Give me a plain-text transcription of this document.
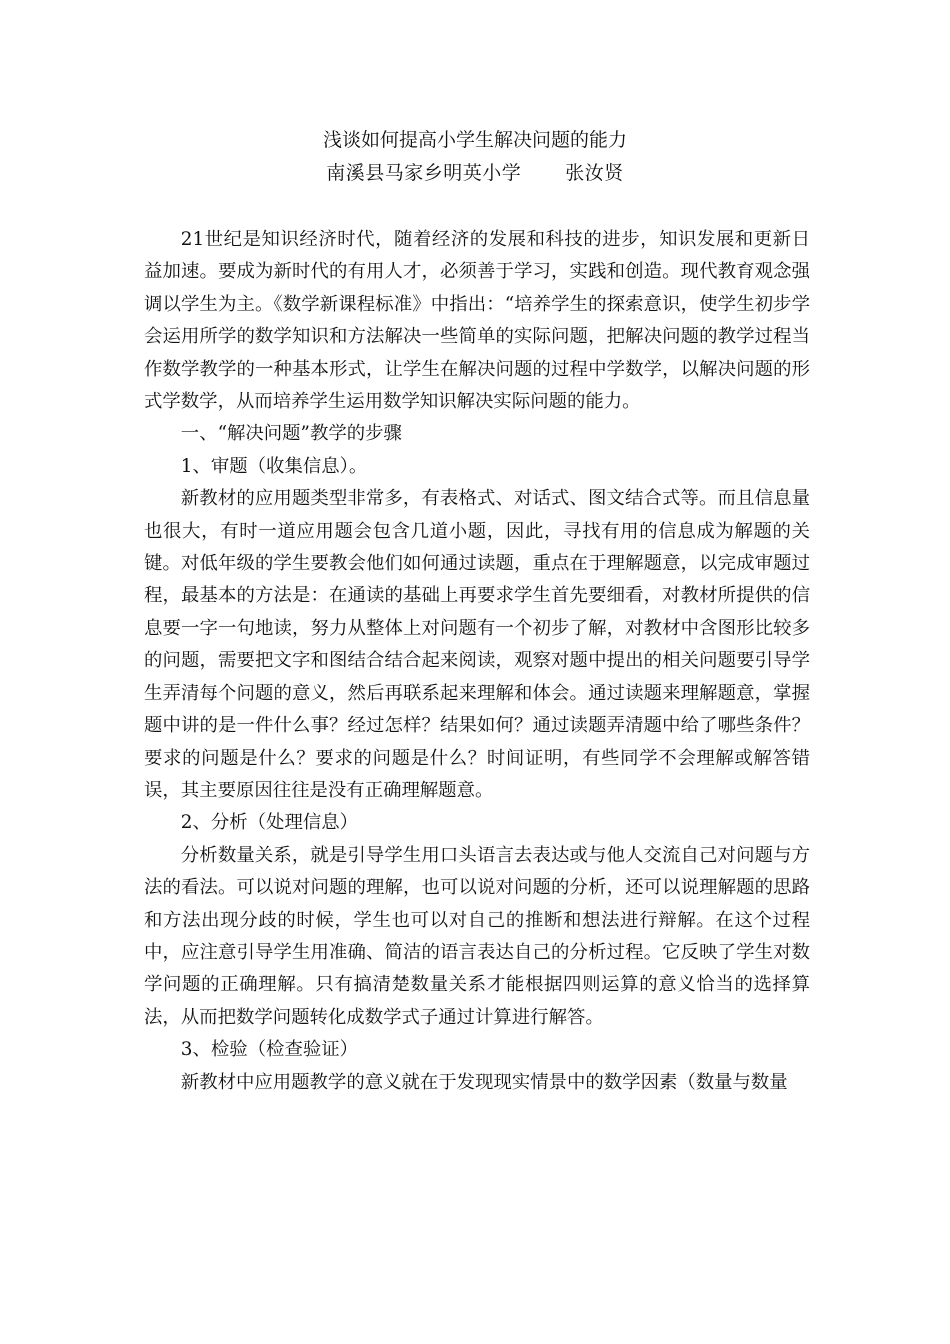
浅谈如何提高小学生解决问题的能力
南溪县马家乡明英小学 张汝贤

21世纪是知识经济时代，随着经济的发展和科技的进步，知识发展和更新日益加速。要成为新时代的有用人才，必须善于学习，实践和创造。现代教育观念强调以学生为主。《数学新课程标准》中指出：“培养学生的探索意识，使学生初步学会运用所学的数学知识和方法解决一些简单的实际问题，把解决问题的教学过程当作数学教学的一种基本形式，让学生在解决问题的过程中学数学，以解决问题的形式学数学，从而培养学生运用数学知识解决实际问题的能力。

一、“解决问题”教学的步骤

1、审题（收集信息）。

新教材的应用题类型非常多，有表格式、对话式、图文结合式等。而且信息量也很大，有时一道应用题会包含几道小题，因此，寻找有用的信息成为解题的关键。对低年级的学生要教会他们如何通过读题，重点在于理解题意，以完成审题过程，最基本的方法是：在通读的基础上再要求学生首先要细看，对教材所提供的信息要一字一句地读，努力从整体上对问题有一个初步了解，对教材中含图形比较多的问题，需要把文字和图结合结合起来阅读，观察对题中提出的相关问题要引导学生弄清每个问题的意义，然后再联系起来理解和体会。通过读题来理解题意，掌握题中讲的是一件什么事？经过怎样？结果如何？通过读题弄清题中给了哪些条件？要求的问题是什么？要求的问题是什么？时间证明，有些同学不会理解或解答错误，其主要原因往往是没有正确理解题意。

2、分析（处理信息）

分析数量关系，就是引导学生用口头语言去表达或与他人交流自己对问题与方法的看法。可以说对问题的理解，也可以说对问题的分析，还可以说理解题的思路和方法出现分歧的时候，学生也可以对自己的推断和想法进行辩解。在这个过程中，应注意引导学生用准确、简洁的语言表达自己的分析过程。它反映了学生对数学问题的正确理解。只有搞清楚数量关系才能根据四则运算的意义恰当的选择算法，从而把数学问题转化成数学式子通过计算进行解答。

3、检验（检查验证）

新教材中应用题教学的意义就在于发现现实情景中的数学因素（数量与数量
